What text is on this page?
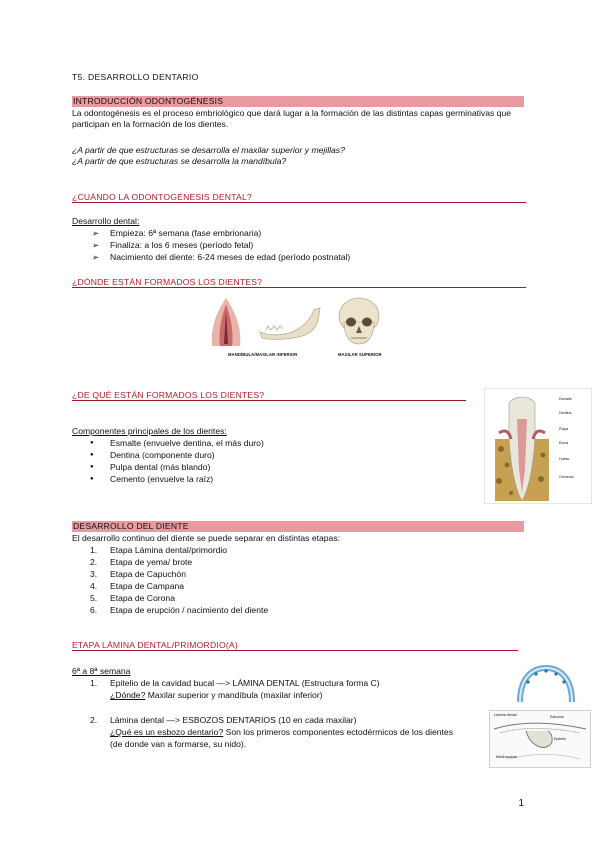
T5. DESARROLLO DENTARIO
INTRODUCCIÓN ODONTOGÉNESIS
La odontogénesis es el proceso embriológico que dará lugar a la formación de las distintas capas germinativas que participan en la formación de los dientes.
¿A partir de que estructuras se desarrolla el maxilar superior y mejillas?
¿A partir de que estructuras se desarrolla la mandíbula?
¿CUÁNDO LA ODONTOGÉNESIS DENTAL?
Desarrollo dental:
➢ Empieza: 6ª semana (fase embrionaria)
➢ Finaliza: a los 6 meses (período fetal)
➢ Nacimiento del diente: 6-24 meses de edad (período postnatal)
¿DÓNDE ESTÁN FORMADOS LOS DIENTES?
MANDÍBULA/MAXILAR INFERIOR	MAXILAR SUPERIOR
¿DE QUÉ ESTÁN FORMADOS LOS DIENTES?
Componentes principales de los dientes:
● Esmalte (envuelve dentina, el más duro)
● Dentina (componente duro)
● Pulpa dental (más blando)
● Cemento (envuelve la raíz)
Esmalte
Dentina
Pulpa
Encía
Hueso
Cemento
DESARROLLO DEL DIENTE
El desarrollo continuo del diente se puede separar en distintas etapas:
1. Etapa Lámina dental/primordio
2. Etapa de yema/ brote
3. Etapa de Capuchón
4. Etapa de Campana
5. Etapa de Corona
6. Etapa de erupción / nacimiento del diente
ETAPA LÁMINA DENTAL/PRIMORDIO(A)
6ª a 8ª semana
1. Epitelio de la cavidad bucal —> LÁMINA DENTAL (Estructura forma C)
¿Dónde? Maxilar superior y mandíbula (maxilar inferior)
2. Lámina dental —> ESBOZOS DENTARIOS (10 en cada maxilar)
¿Qué es un esbozo dentario? Son los primeros componentes ectodérmicos de los dientes
(de donde van a formarse, su nido).
Lámina dental	Esbozos
Epitelio
Mesénquima
1
